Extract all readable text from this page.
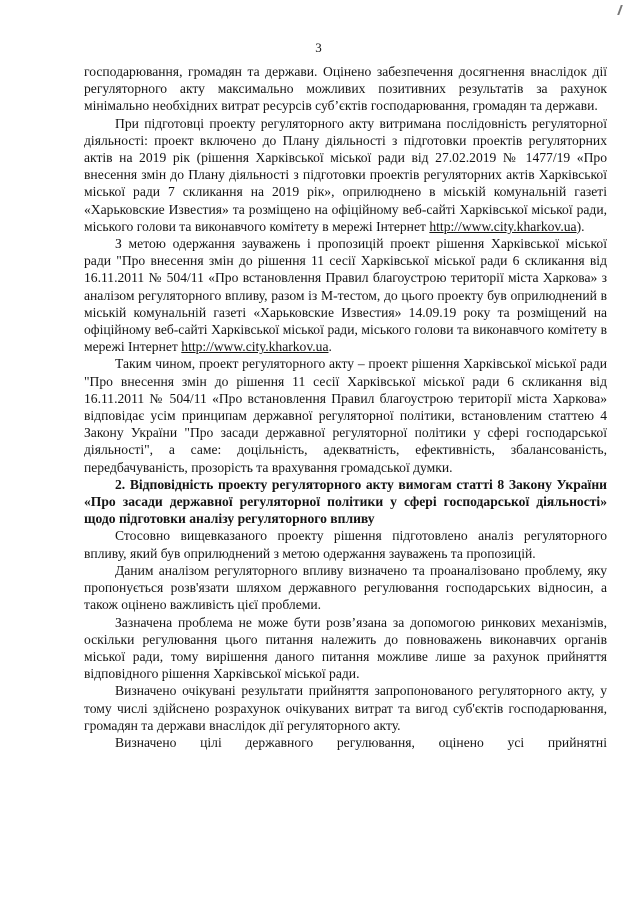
3

господарювання, громадян та держави. Оцінено забезпечення досягнення внаслідок дії регуляторного акту максимально можливих позитивних результатів за рахунок мінімально необхідних витрат ресурсів суб’єктів господарювання, громадян та держави.

При підготовці проекту регуляторного акту витримана послідовність регуляторної діяльності: проект включено до Плану діяльності з підготовки проектів регуляторних актів на 2019 рік (рішення Харківської міської ради від 27.02.2019 № 1477/19 «Про внесення змін до Плану діяльності з підготовки проектів регуляторних актів Харківської міської ради 7 скликання на 2019 рік», оприлюднено в міській комунальній газеті «Харьковские Известия» та розміщено на офіційному веб-сайті Харківської міської ради, міського голови та виконавчого комітету в мережі Інтернет http://www.city.kharkov.ua).

З метою одержання зауважень і пропозицій проект рішення Харківської міської ради "Про внесення змін до рішення 11 сесії Харківської міської ради 6 скликання від 16.11.2011 № 504/11 «Про встановлення Правил благоустрою території міста Харкова» з аналізом регуляторного впливу, разом із М-тестом, до цього проекту був оприлюднений в міській комунальній газеті «Харьковские Известия» 14.09.19 року та розміщений на офіційному веб-сайті Харківської міської ради, міського голови та виконавчого комітету в мережі Інтернет http://www.city.kharkov.ua.

Таким чином, проект регуляторного акту – проект рішення Харківської міської ради "Про внесення змін до рішення 11 сесії Харківської міської ради 6 скликання від 16.11.2011 № 504/11 «Про встановлення Правил благоустрою території міста Харкова» відповідає усім принципам державної регуляторної політики, встановленим статтею 4 Закону України "Про засади державної регуляторної політики у сфері господарської діяльності", а саме: доцільність, адекватність, ефективність, збалансованість, передбачуваність, прозорість та врахування громадської думки.

2. Відповідність проекту регуляторного акту вимогам статті 8 Закону України «Про засади державної регуляторної політики у сфері господарської діяльності» щодо підготовки аналізу регуляторного впливу

Стосовно вищевказаного проекту рішення підготовлено аналіз регуляторного впливу, який був оприлюднений з метою одержання зауважень та пропозицій.

Даним аналізом регуляторного впливу визначено та проаналізовано проблему, яку пропонується розв'язати шляхом державного регулювання господарських відносин, а також оцінено важливість цієї проблеми.

Зазначена проблема не може бути розв’язана за допомогою ринкових механізмів, оскільки регулювання цього питання належить до повноважень виконавчих органів міської ради, тому вирішення даного питання можливе лише за рахунок прийняття відповідного рішення Харківської міської ради.

Визначено очікувані результати прийняття запропонованого регуляторного акту, у тому числі здійснено розрахунок очікуваних витрат та вигод суб'єктів господарювання, громадян та держави внаслідок дії регуляторного акту.

Визначено цілі державного регулювання, оцінено усі прийнятні
